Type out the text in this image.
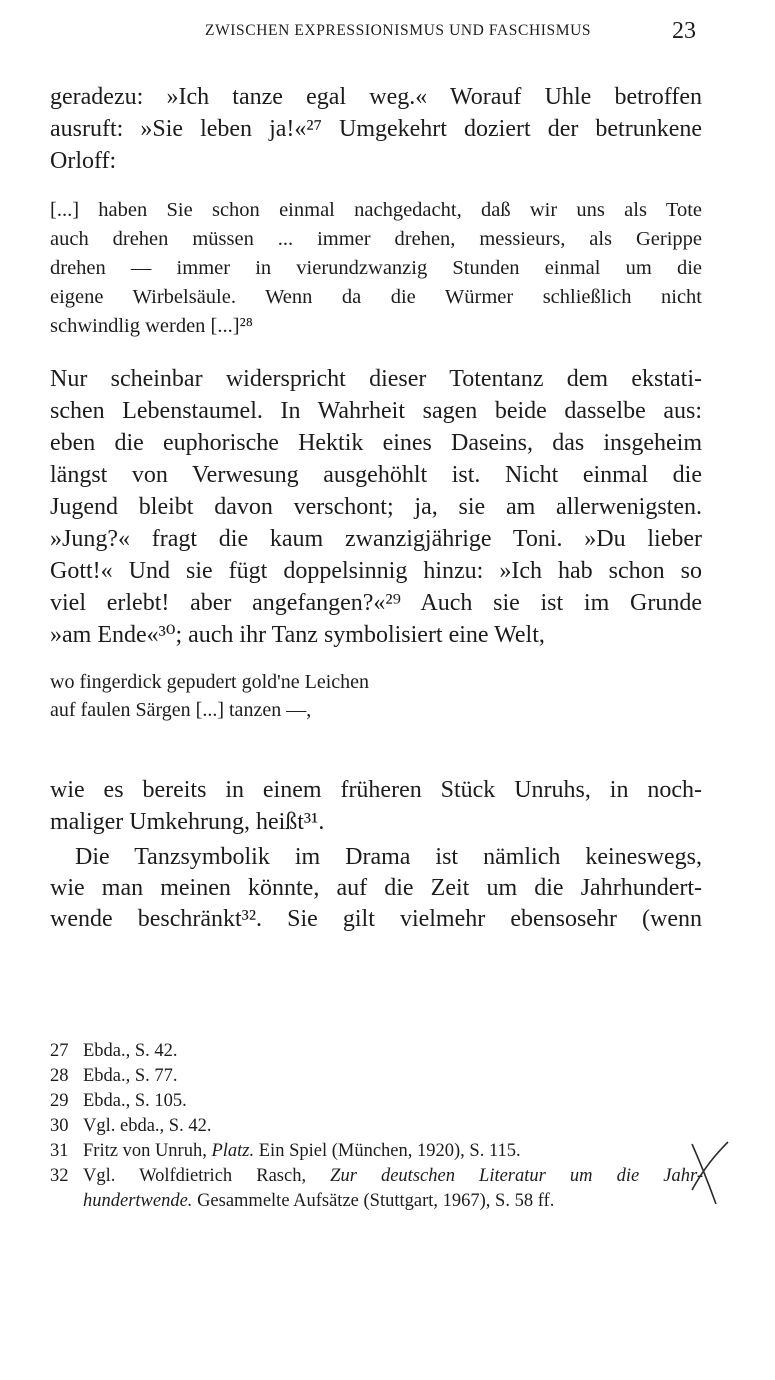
ZWISCHEN EXPRESSIONISMUS UND FASCHISMUS	23
geradezu: »Ich tanze egal weg.« Worauf Uhle betroffen
ausruft: »Sie leben ja!«²⁷ Umgekehrt doziert der betrunkene
Orloff:
[...] haben Sie schon einmal nachgedacht, daß wir uns als Tote
auch drehen müssen ... immer drehen, messieurs, als Gerippe
drehen — immer in vierundzwanzig Stunden einmal um die
eigene Wirbelsäule. Wenn da die Würmer schließlich nicht
schwindlig werden [...]²⁸
Nur scheinbar widerspricht dieser Totentanz dem ekstati-
schen Lebenstaumel. In Wahrheit sagen beide dasselbe aus:
eben die euphorische Hektik eines Daseins, das insgeheim
längst von Verwesung ausgehöhlt ist. Nicht einmal die
Jugend bleibt davon verschont; ja, sie am allerwenigsten.
»Jung?« fragt die kaum zwanzigjährige Toni. »Du lieber
Gott!« Und sie fügt doppelsinnig hinzu: »Ich hab schon so
viel erlebt! aber angefangen?«²⁹ Auch sie ist im Grunde
»am Ende«³⁰; auch ihr Tanz symbolisiert eine Welt,
wo fingerdick gepudert gold'ne Leichen
auf faulen Särgen [...] tanzen —,
wie es bereits in einem früheren Stück Unruhs, in noch-
maliger Umkehrung, heißt³¹.
Die Tanzsymbolik im Drama ist nämlich keineswegs,
wie man meinen könnte, auf die Zeit um die Jahrhundert-
wende beschränkt³². Sie gilt vielmehr ebensosehr (wenn
27 Ebda., S. 42.
28 Ebda., S. 77.
29 Ebda., S. 105.
30 Vgl. ebda., S. 42.
31 Fritz von Unruh, Platz. Ein Spiel (München, 1920), S. 115.
32 Vgl. Wolfdietrich Rasch, Zur deutschen Literatur um die Jahr-
hundertwende. Gesammelte Aufsätze (Stuttgart, 1967), S. 58 ff.
